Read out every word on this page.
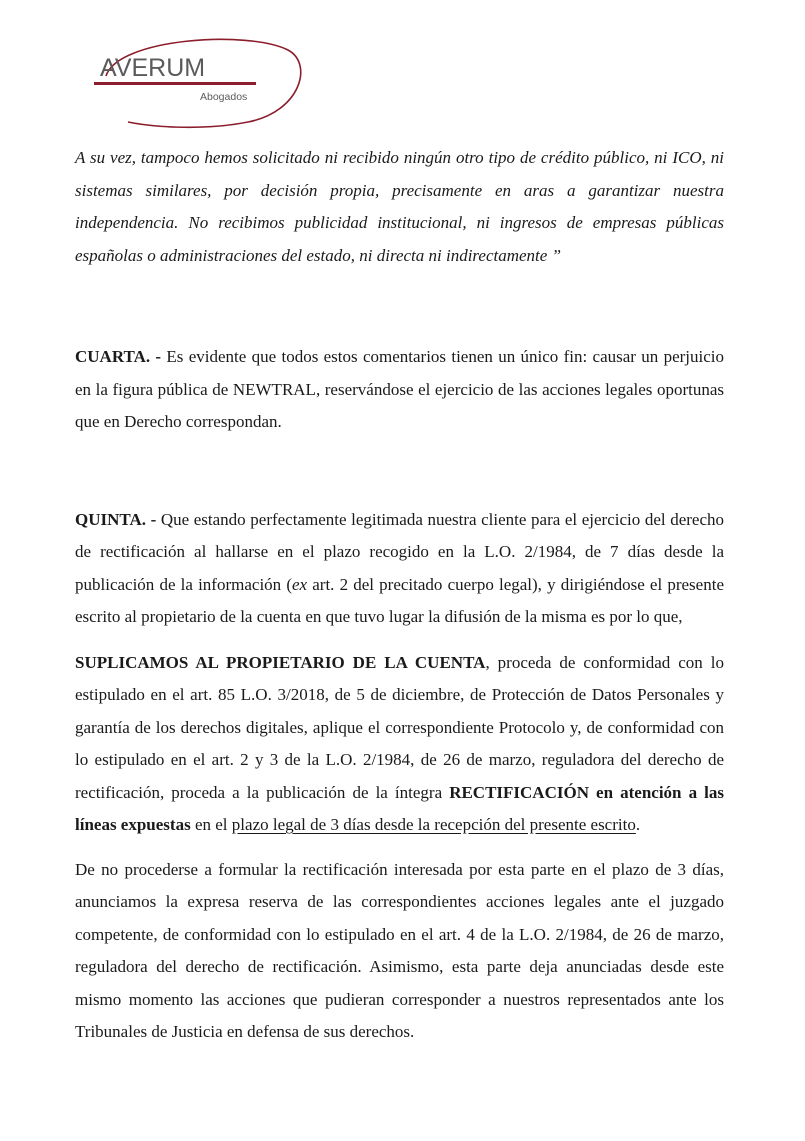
AVERUM
Abogados

A su vez, tampoco hemos solicitado ni recibido ningún otro tipo de crédito público, ni ICO, ni sistemas similares, por decisión propia, precisamente en aras a garantizar nuestra independencia. No recibimos publicidad institucional, ni ingresos de empresas públicas españolas o administraciones del estado, ni directa ni indirectamente ”

CUARTA. - Es evidente que todos estos comentarios tienen un único fin: causar un perjuicio en la figura pública de NEWTRAL, reservándose el ejercicio de las acciones legales oportunas que en Derecho correspondan.

QUINTA. - Que estando perfectamente legitimada nuestra cliente para el ejercicio del derecho de rectificación al hallarse en el plazo recogido en la L.O. 2/1984, de 7 días desde la publicación de la información (ex art. 2 del precitado cuerpo legal), y dirigiéndose el presente escrito al propietario de la cuenta en que tuvo lugar la difusión de la misma es por lo que,

SUPLICAMOS AL PROPIETARIO DE LA CUENTA, proceda de conformidad con lo estipulado en el art. 85 L.O. 3/2018, de 5 de diciembre, de Protección de Datos Personales y garantía de los derechos digitales, aplique el correspondiente Protocolo y, de conformidad con lo estipulado en el art. 2 y 3 de la L.O. 2/1984, de 26 de marzo, reguladora del derecho de rectificación, proceda a la publicación de la íntegra RECTIFICACIÓN en atención a las líneas expuestas en el plazo legal de 3 días desde la recepción del presente escrito.

De no procederse a formular la rectificación interesada por esta parte en el plazo de 3 días, anunciamos la expresa reserva de las correspondientes acciones legales ante el juzgado competente, de conformidad con lo estipulado en el art. 4 de la L.O. 2/1984, de 26 de marzo, reguladora del derecho de rectificación. Asimismo, esta parte deja anunciadas desde este mismo momento las acciones que pudieran corresponder a nuestros representados ante los Tribunales de Justicia en defensa de sus derechos.
